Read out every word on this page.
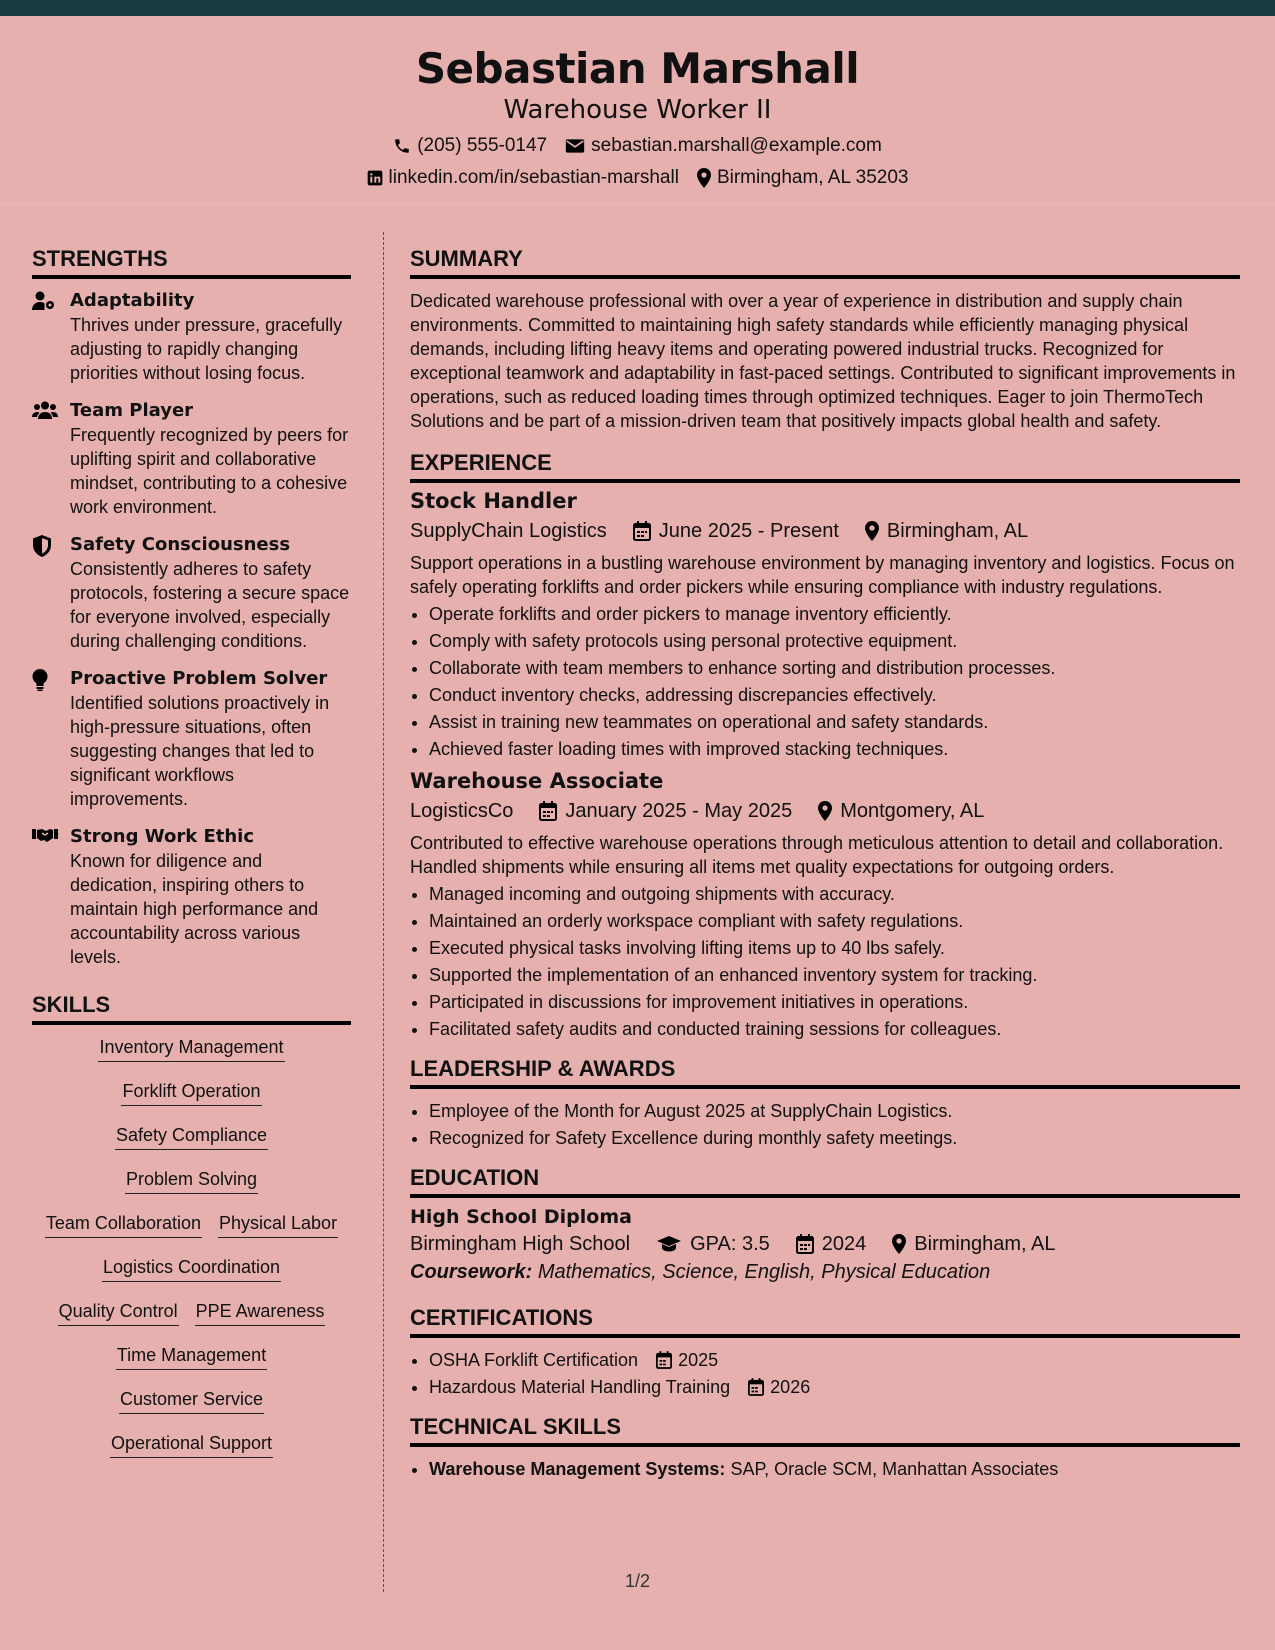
Sebastian Marshall
Warehouse Worker II
(205) 555-0147 sebastian.marshall@example.com
linkedin.com/in/sebastian-marshall Birmingham, AL 35203
STRENGTHS
Adaptability
Thrives under pressure, gracefully adjusting to rapidly changing priorities without losing focus.
Team Player
Frequently recognized by peers for uplifting spirit and collaborative mindset, contributing to a cohesive work environment.
Safety Consciousness
Consistently adheres to safety protocols, fostering a secure space for everyone involved, especially during challenging conditions.
Proactive Problem Solver
Identified solutions proactively in high-pressure situations, often suggesting changes that led to significant workflows improvements.
Strong Work Ethic
Known for diligence and dedication, inspiring others to maintain high performance and accountability across various levels.
SKILLS
Inventory Management
Forklift Operation
Safety Compliance
Problem Solving
Team Collaboration Physical Labor
Logistics Coordination
Quality Control PPE Awareness
Time Management
Customer Service
Operational Support
SUMMARY

Dedicated warehouse professional with over a year of experience in distribution and supply chain environments. Committed to maintaining high safety standards while efficiently managing physical demands, including lifting heavy items and operating powered industrial trucks. Recognized for exceptional teamwork and adaptability in fast-paced settings. Contributed to significant improvements in operations, such as reduced loading times through optimized techniques. Eager to join ThermoTech Solutions and be part of a mission-driven team that positively impacts global health and safety.

EXPERIENCE
Stock Handler
SupplyChain Logistics	June 2025 - Present Birmingham, AL

Support operations in a bustling warehouse environment by managing inventory and logistics. Focus on safely operating forklifts and order pickers while ensuring compliance with industry regulations.

• Operate forklifts and order pickers to manage inventory efficiently.
• Comply with safety protocols using personal protective equipment.
• Collaborate with team members to enhance sorting and distribution processes.
• Conduct inventory checks, addressing discrepancies effectively.
• Assist in training new teammates on operational and safety standards.
• Achieved faster loading times with improved stacking techniques.
Warehouse Associate
LogisticsCo	January 2025 - May 2025 Montgomery, AL

Contributed to effective warehouse operations through meticulous attention to detail and collaboration. Handled shipments while ensuring all items met quality expectations for outgoing orders.

• Managed incoming and outgoing shipments with accuracy.
• Maintained an orderly workspace compliant with safety regulations.
• Executed physical tasks involving lifting items up to 40 lbs safely.
• Supported the implementation of an enhanced inventory system for tracking.
• Participated in discussions for improvement initiatives in operations.
• Facilitated safety audits and conducted training sessions for colleagues.
LEADERSHIP & AWARDS
• Employee of the Month for August 2025 at SupplyChain Logistics.
• Recognized for Safety Excellence during monthly safety meetings.
EDUCATION
High School Diploma
Birmingham High School	GPA: 3.5	2024 Birmingham, AL
Coursework: Mathematics, Science, English, Physical Education
CERTIFICATIONS
• OSHA Forklift Certification 2025
• Hazardous Material Handling Training 2026
TECHNICAL SKILLS
• Warehouse Management Systems: SAP, Oracle SCM, Manhattan Associates
1/2
